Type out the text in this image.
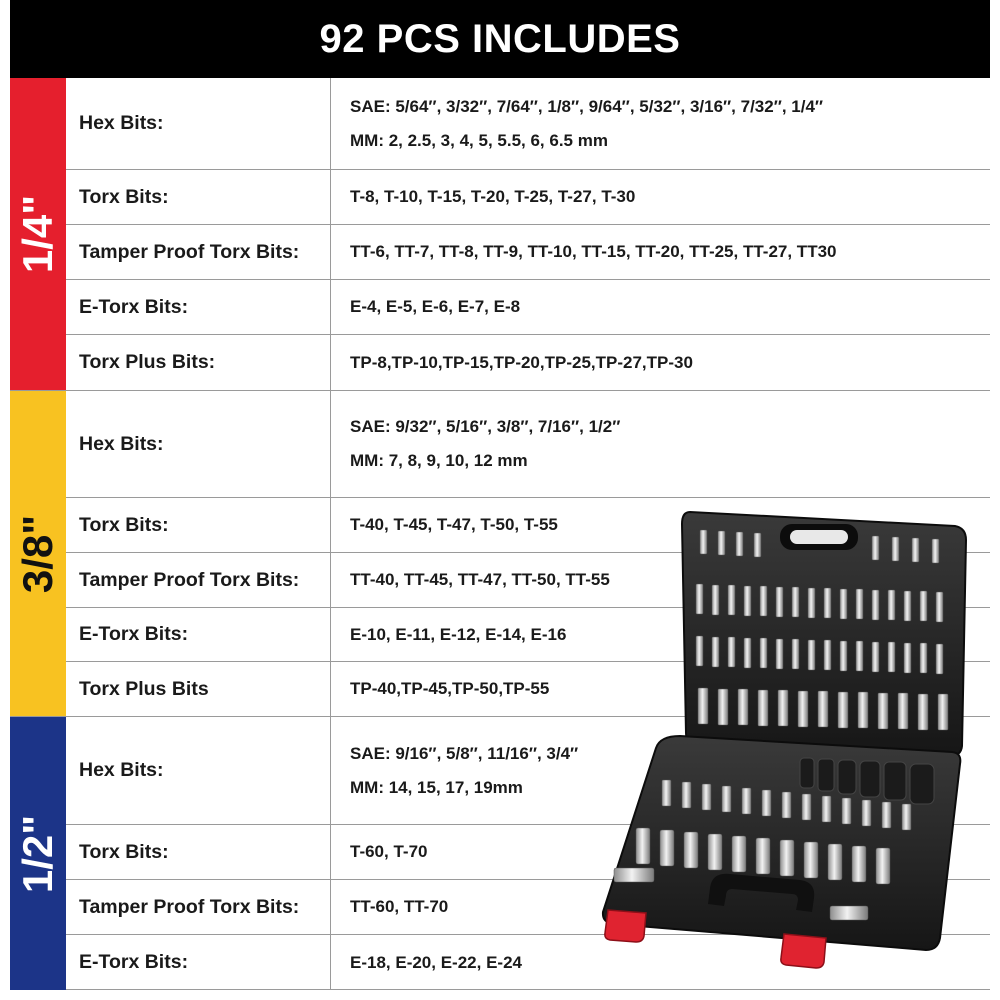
92 PCS INCLUDES
1/4"
Hex Bits:
SAE: 5/64″, 3/32″, 7/64″, 1/8″, 9/64″, 5/32″, 3/16″, 7/32″, 1/4″
MM: 2, 2.5, 3, 4, 5, 5.5, 6, 6.5 mm
Torx Bits:	T-8, T-10, T-15, T-20, T-25, T-27, T-30
Tamper Proof Torx Bits:	TT-6, TT-7, TT-8, TT-9, TT-10, TT-15, TT-20, TT-25, TT-27, TT30
E-Torx Bits:	E-4, E-5, E-6, E-7, E-8
Torx Plus Bits:	TP-8,TP-10,TP-15,TP-20,TP-25,TP-27,TP-30
3/8"
Hex Bits:
SAE: 9/32″, 5/16″, 3/8″, 7/16″, 1/2″
MM: 7, 8, 9, 10, 12 mm
Torx Bits:	T-40, T-45, T-47, T-50, T-55
Tamper Proof Torx Bits:	TT-40, TT-45, TT-47, TT-50, TT-55
E-Torx Bits:	E-10, E-11, E-12, E-14, E-16
Torx Plus Bits	TP-40,TP-45,TP-50,TP-55
1/2"
Hex Bits:
SAE: 9/16″, 5/8″, 11/16″, 3/4″
MM: 14, 15, 17, 19mm
Torx Bits:	T-60, T-70
Tamper Proof Torx Bits:	TT-60, TT-70
E-Torx Bits:	E-18, E-20, E-22, E-24
